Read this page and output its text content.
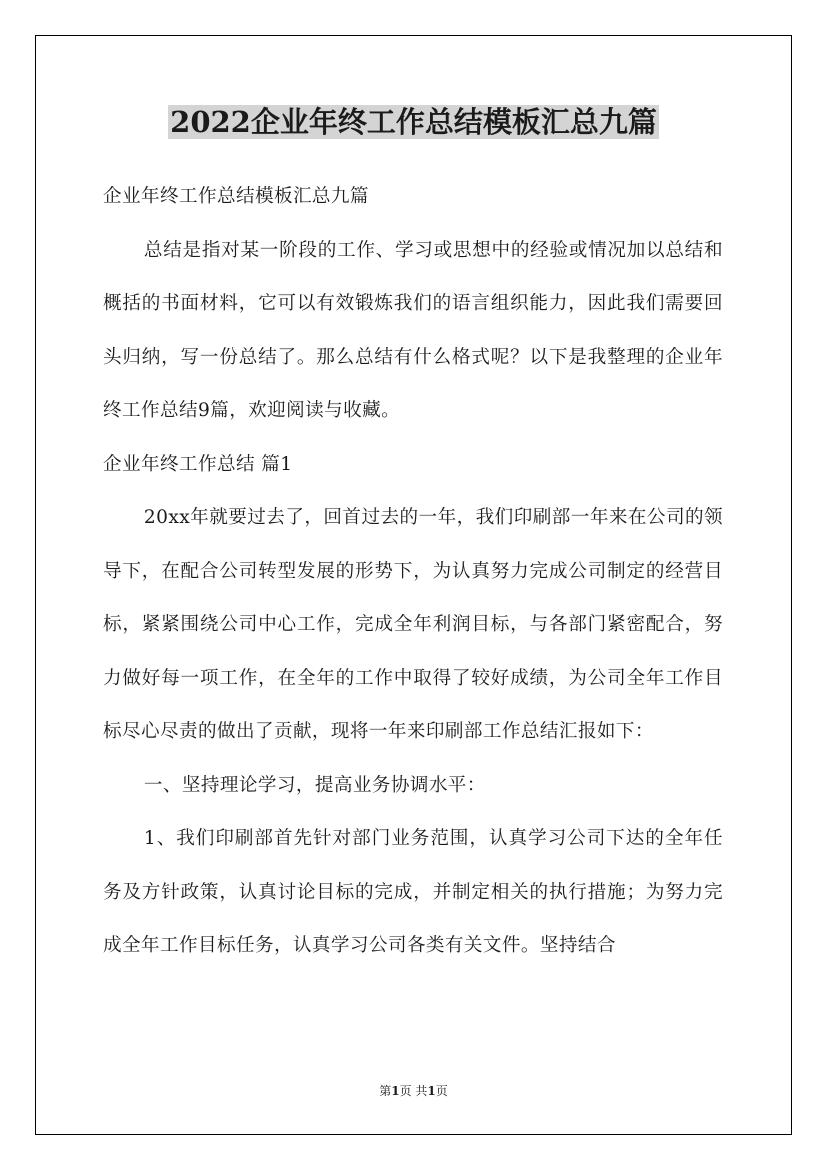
2022企业年终工作总结模板汇总九篇

企业年终工作总结模板汇总九篇

总结是指对某一阶段的工作、学习或思想中的经验或情况加以总结和概括的书面材料，它可以有效锻炼我们的语言组织能力，因此我们需要回头归纳，写一份总结了。那么总结有什么格式呢？以下是我整理的企业年终工作总结9篇，欢迎阅读与收藏。

企业年终工作总结 篇1

20xx年就要过去了，回首过去的一年，我们印刷部一年来在公司的领导下，在配合公司转型发展的形势下，为认真努力完成公司制定的经营目标，紧紧围绕公司中心工作，完成全年利润目标，与各部门紧密配合，努力做好每一项工作，在全年的工作中取得了较好成绩，为公司全年工作目标尽心尽责的做出了贡献，现将一年来印刷部工作总结汇报如下：

一、坚持理论学习，提高业务协调水平：

1、我们印刷部首先针对部门业务范围，认真学习公司下达的全年任务及方针政策，认真讨论目标的完成，并制定相关的执行措施；为努力完成全年工作目标任务，认真学习公司各类有关文件。坚持结合

第1页 共1页
